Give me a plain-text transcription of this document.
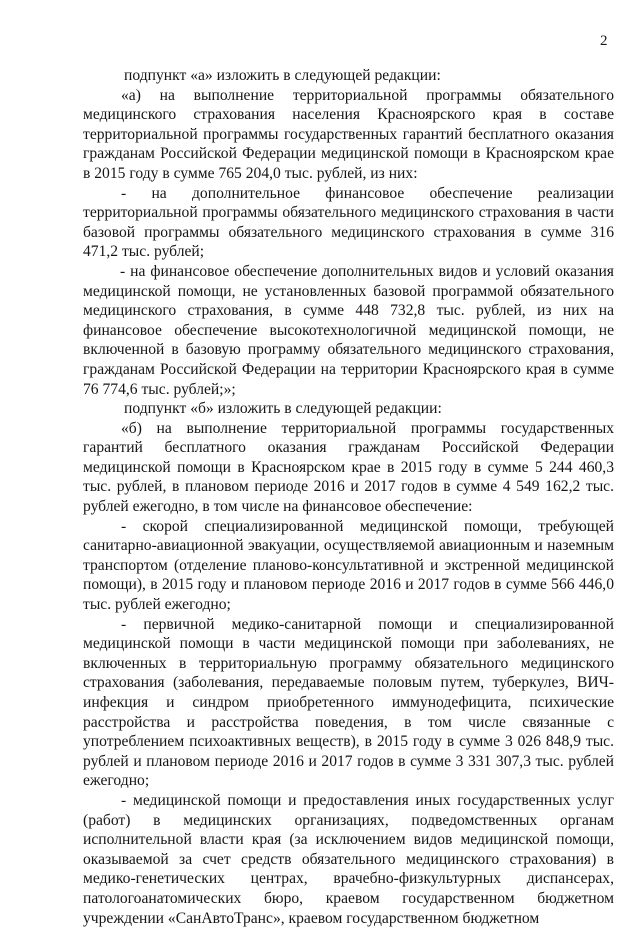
2

подпункт «а» изложить в следующей редакции:

«а) на выполнение территориальной программы обязательного медицинского страхования населения Красноярского края в составе территориальной программы государственных гарантий бесплатного оказания гражданам Российской Федерации медицинской помощи в Красноярском крае в 2015 году в сумме 765 204,0 тыс. рублей, из них:

- на дополнительное финансовое обеспечение реализации территориальной программы обязательного медицинского страхования в части базовой программы обязательного медицинского страхования в сумме 316 471,2 тыс. рублей;

- на финансовое обеспечение дополнительных видов и условий оказания медицинской помощи, не установленных базовой программой обязательного медицинского страхования, в сумме 448 732,8 тыс. рублей, из них на финансовое обеспечение высокотехнологичной медицинской помощи, не включенной в базовую программу обязательного медицинского страхования, гражданам Российской Федерации на территории Красноярского края в сумме 76 774,6 тыс. рублей;»;

подпункт «б» изложить в следующей редакции:

«б) на выполнение территориальной программы государственных гарантий бесплатного оказания гражданам Российской Федерации медицинской помощи в Красноярском крае в 2015 году в сумме 5 244 460,3 тыс. рублей, в плановом периоде 2016 и 2017 годов в сумме 4 549 162,2 тыс. рублей ежегодно, в том числе на финансовое обеспечение:

- скорой специализированной медицинской помощи, требующей санитарно-авиационной эвакуации, осуществляемой авиационным и наземным транспортом (отделение планово-консультативной и экстренной медицинской помощи), в 2015 году и плановом периоде 2016 и 2017 годов в сумме 566 446,0 тыс. рублей ежегодно;

- первичной медико-санитарной помощи и специализированной медицинской помощи в части медицинской помощи при заболеваниях, не включенных в территориальную программу обязательного медицинского страхования (заболевания, передаваемые половым путем, туберкулез, ВИЧ-инфекция и синдром приобретенного иммунодефицита, психические расстройства и расстройства поведения, в том числе связанные с употреблением психоактивных веществ), в 2015 году в сумме 3 026 848,9 тыс. рублей и плановом периоде 2016 и 2017 годов в сумме 3 331 307,3 тыс. рублей ежегодно;

- медицинской помощи и предоставления иных государственных услуг (работ) в медицинских организациях, подведомственных органам исполнительной власти края (за исключением видов медицинской помощи, оказываемой за счет средств обязательного медицинского страхования) в медико-генетических центрах, врачебно-физкультурных диспансерах, патологоанатомических бюро, краевом государственном бюджетном учреждении «СанАвтоТранс», краевом государственном бюджетном
